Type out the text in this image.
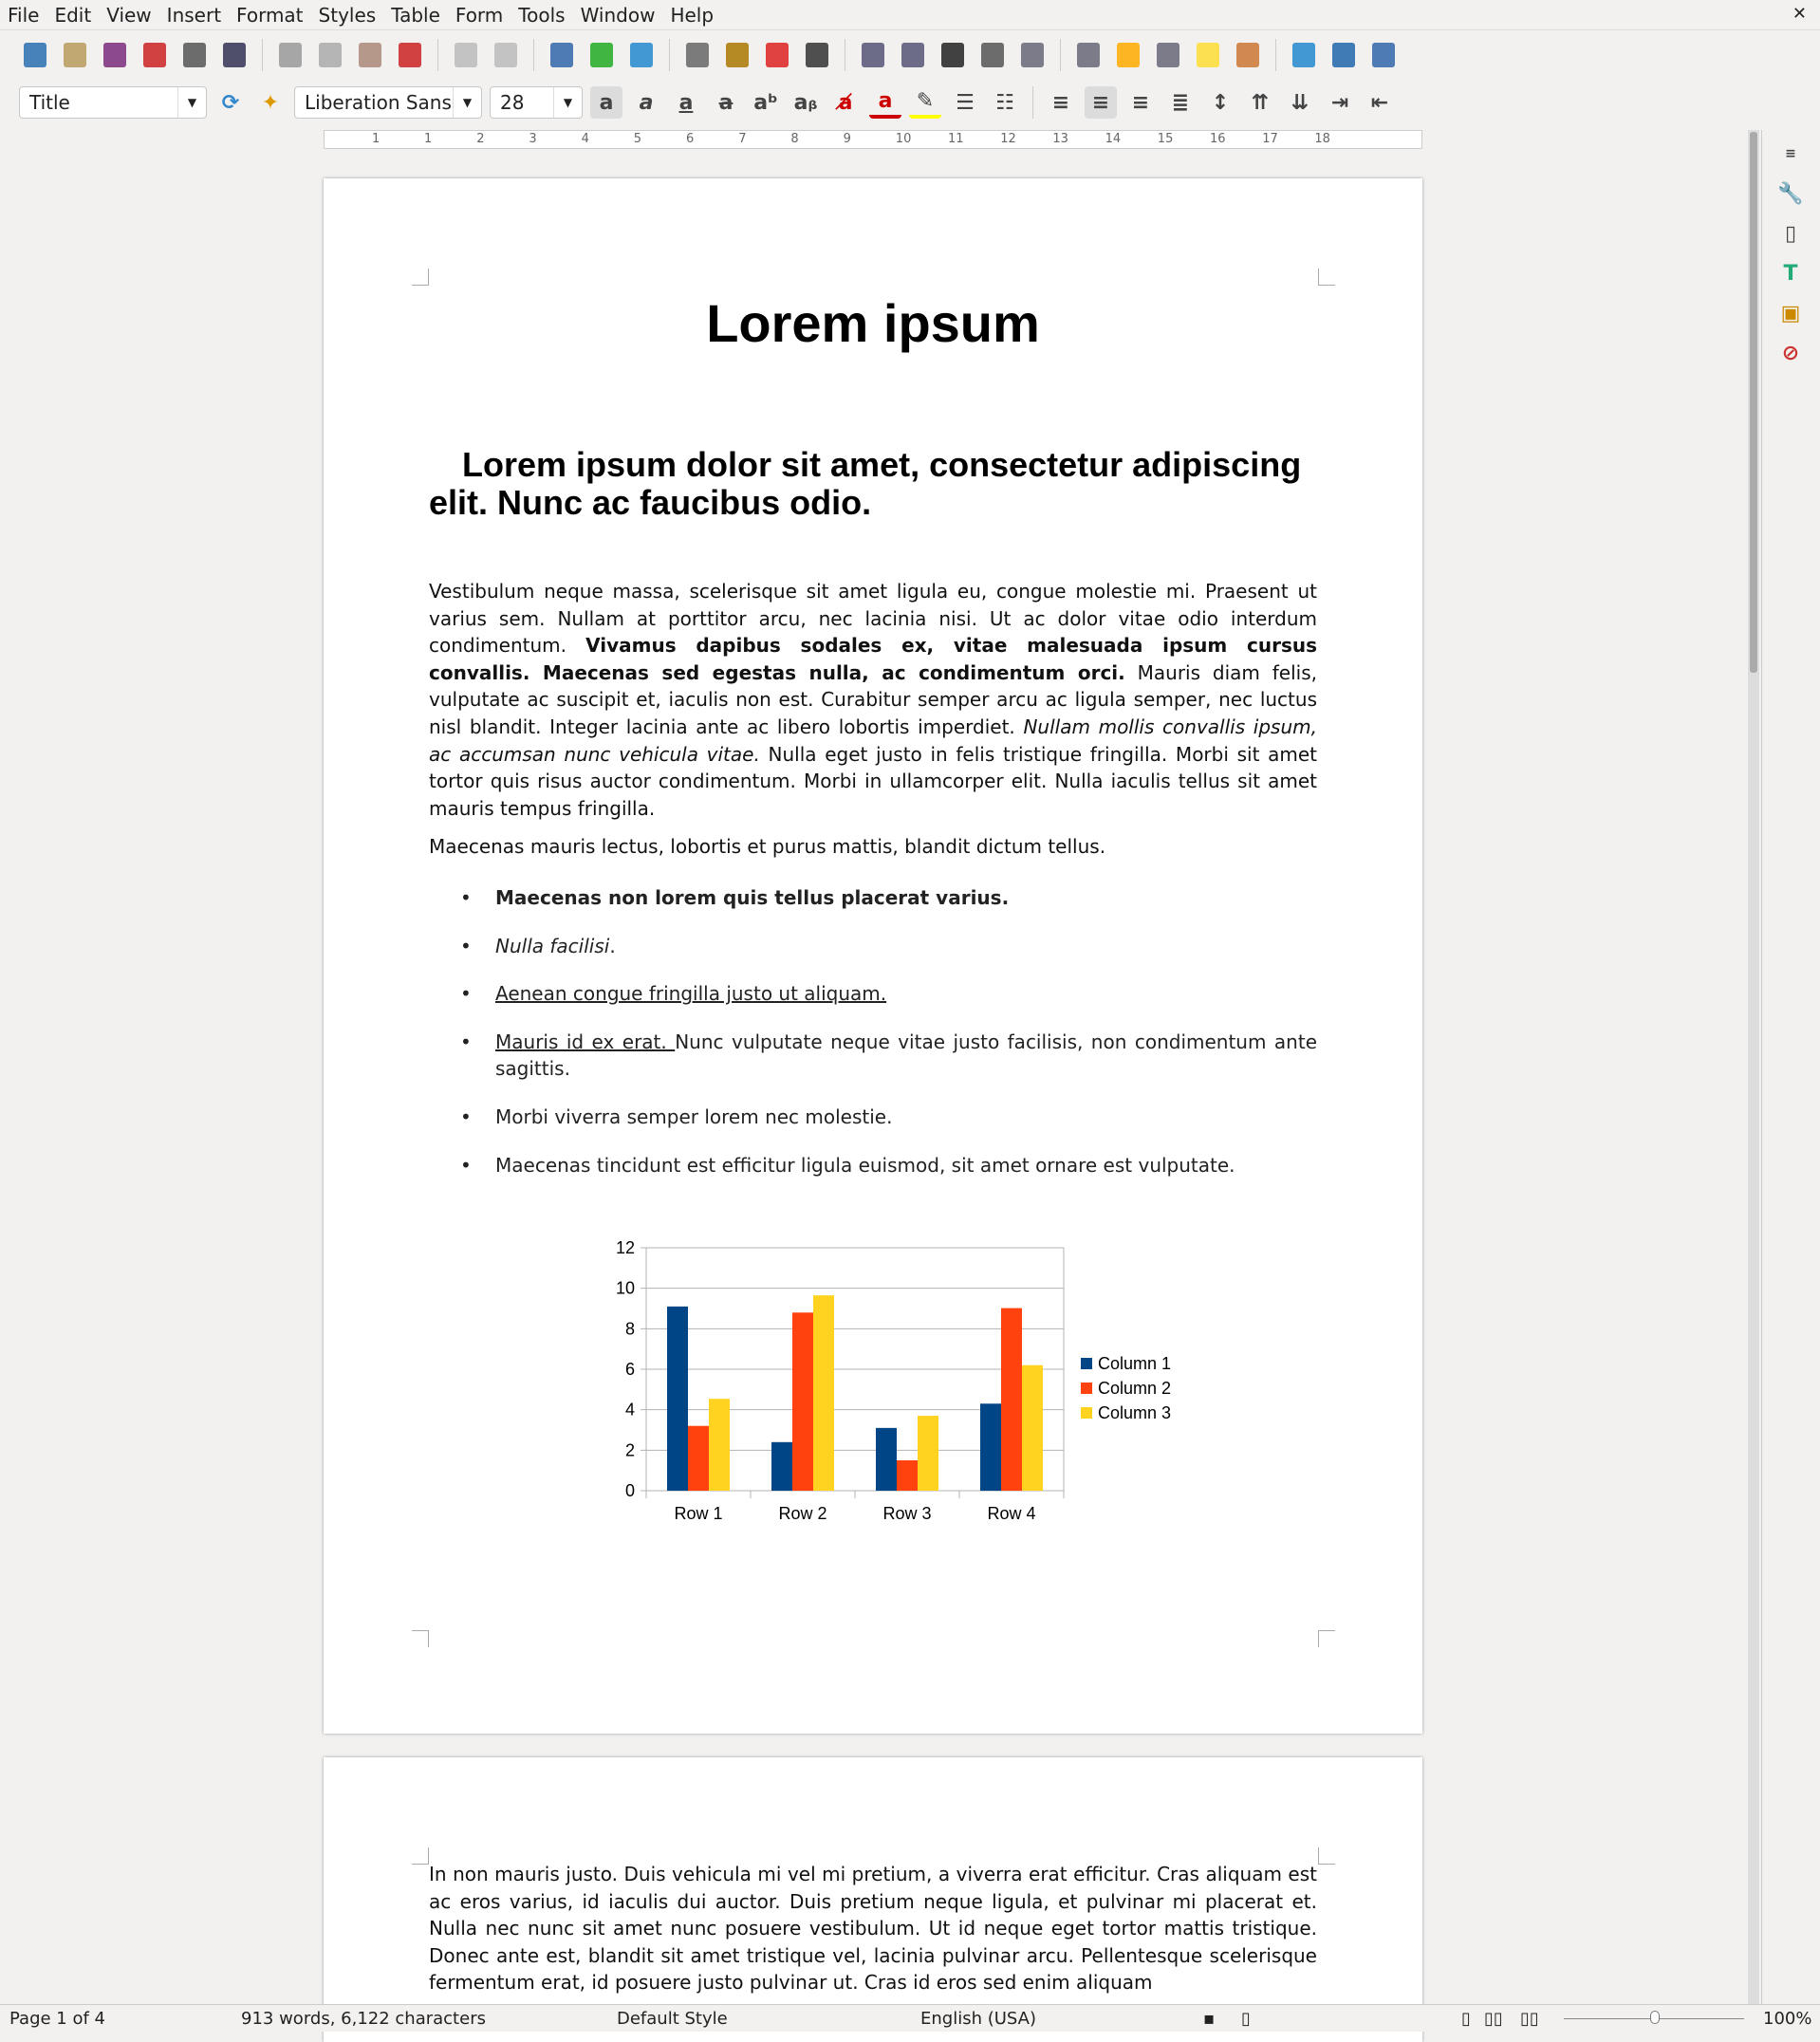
File Edit View Insert Format Styles Table Form Tools Window Help	✕
Title	▼	⟳	✦	Liberation Sans ▼	28	▼	a	a	a	a aᵇ aᵦ	a̸	a	✎	☰	☷	≡	≡	≡	≣	↕	⇈	⇊	⇥	⇤
1	1	2	3	4	5	6	7	8	9	10	11	12	13	14	15	16	17	18
Lorem ipsum
Lorem ipsum dolor sit amet, consectetur adipiscing elit. Nunc ac faucibus odio.
Vestibulum neque massa, scelerisque sit amet ligula eu, congue molestie mi. Praesent ut varius sem. Nullam at porttitor arcu, nec lacinia nisi. Ut ac dolor vitae odio interdum condimentum. Vivamus dapibus sodales ex, vitae malesuada ipsum cursus convallis. Maecenas sed egestas nulla, ac condimentum orci. Mauris diam felis, vulputate ac suscipit et, iaculis non est. Curabitur semper arcu ac ligula semper, nec luctus nisl blandit. Integer lacinia ante ac libero lobortis imperdiet. Nullam mollis convallis ipsum, ac accumsan nunc vehicula vitae. Nulla eget justo in felis tristique fringilla. Morbi sit amet tortor quis risus auctor condimentum. Morbi in ullamcorper elit. Nulla iaculis tellus sit amet mauris tempus fringilla.
Maecenas mauris lectus, lobortis et purus mattis, blandit dictum tellus.
• Maecenas non lorem quis tellus placerat varius.
• Nulla facilisi.
• Aenean congue fringilla justo ut aliquam.
• Mauris id ex erat. Nunc vulputate neque vitae justo facilisis, non condimentum ante sagittis.
• Morbi viverra semper lorem nec molestie.
• Maecenas tincidunt est efficitur ligula euismod, sit amet ornare est vulputate.
0
2
4
6
8
10
12
Row 1	Row 2	Row 3	Row 4
Column 1
Column 2
Column 3
In non mauris justo. Duis vehicula mi vel mi pretium, a viverra erat efficitur. Cras aliquam est ac eros varius, id iaculis dui auctor. Duis pretium neque ligula, et pulvinar mi placerat et. Nulla nec nunc sit amet nunc posuere vestibulum. Ut id neque eget tortor mattis tristique. Donec ante est, blandit sit amet tristique vel, lacinia pulvinar arcu. Pellentesque scelerisque fermentum erat, id posuere justo pulvinar ut. Cras id eros sed enim aliquam
≡
🔧
▯
T
▣
⊘
Page 1 of 4	913 words, 6,122 characters	Default Style	English (USA)	▪ ▯	▯ ▯▯ ▯▯	100%
